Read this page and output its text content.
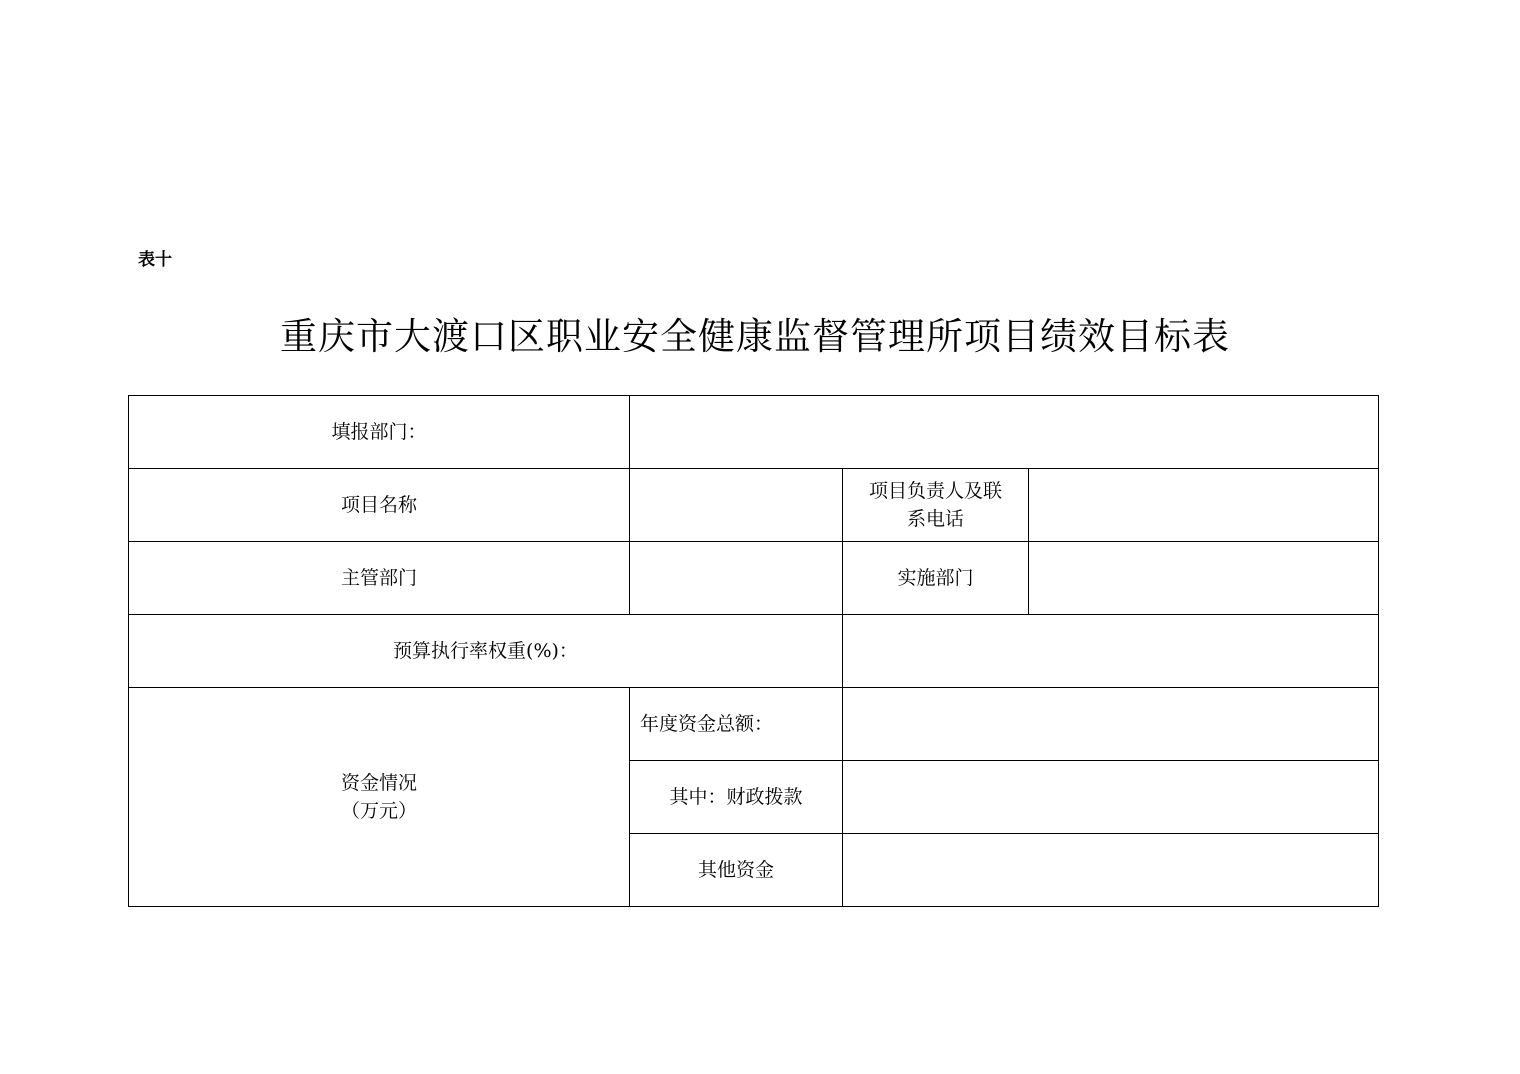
表十
重庆市大渡口区职业安全健康监督管理所项目绩效目标表
填报部门：			
项目名称		项目负责人及联
系电话	

主管部门		实施部门	
预算执行率权重(%)：			

资金情况
（万元）	年度资金总额：		
	其中：财政拨款		
	其他资金		
